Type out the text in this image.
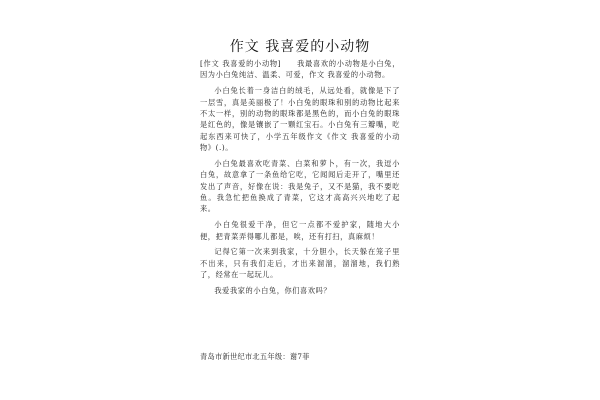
作文 我喜爱的小动物

[作文 我喜爱的小动物]　　我最喜欢的小动物是小白兔，因为小白兔纯洁、温柔、可爱，作文 我喜爱的小动物。

小白兔长着一身洁白的绒毛，从远处看，就像是下了一层雪，真是美丽极了！小白兔的眼珠和别的动物比起来不太一样，别的动物的眼珠都是黑色的，而小白兔的眼珠是红色的，像是镶嵌了一颗红宝石。小白兔有三瓣嘴，吃起东西来可快了，小学五年级作文《作文 我喜爱的小动物》(.)。

小白兔最喜欢吃青菜、白菜和萝卜，有一次，我逗小白兔，故意拿了一条鱼给它吃，它闻闻后走开了，嘴里还发出了声音，好像在说：我是兔子，又不是猫，我不要吃鱼。我急忙把鱼换成了青菜，它这才高高兴兴地吃了起来。

小白兔很爱干净，但它一点都不爱护家，随地大小便，把青菜弄得哪儿都是，唉，还有打扫，真麻烦！

记得它第一次来到我家，十分胆小，长天躲在笼子里不出来，只有我们走后，才出来溜溜，溜溜地，我们熟了，经常在一起玩儿。

我爱我家的小白兔，你们喜欢吗？

青岛市新世纪市北五年级：谢7菲
